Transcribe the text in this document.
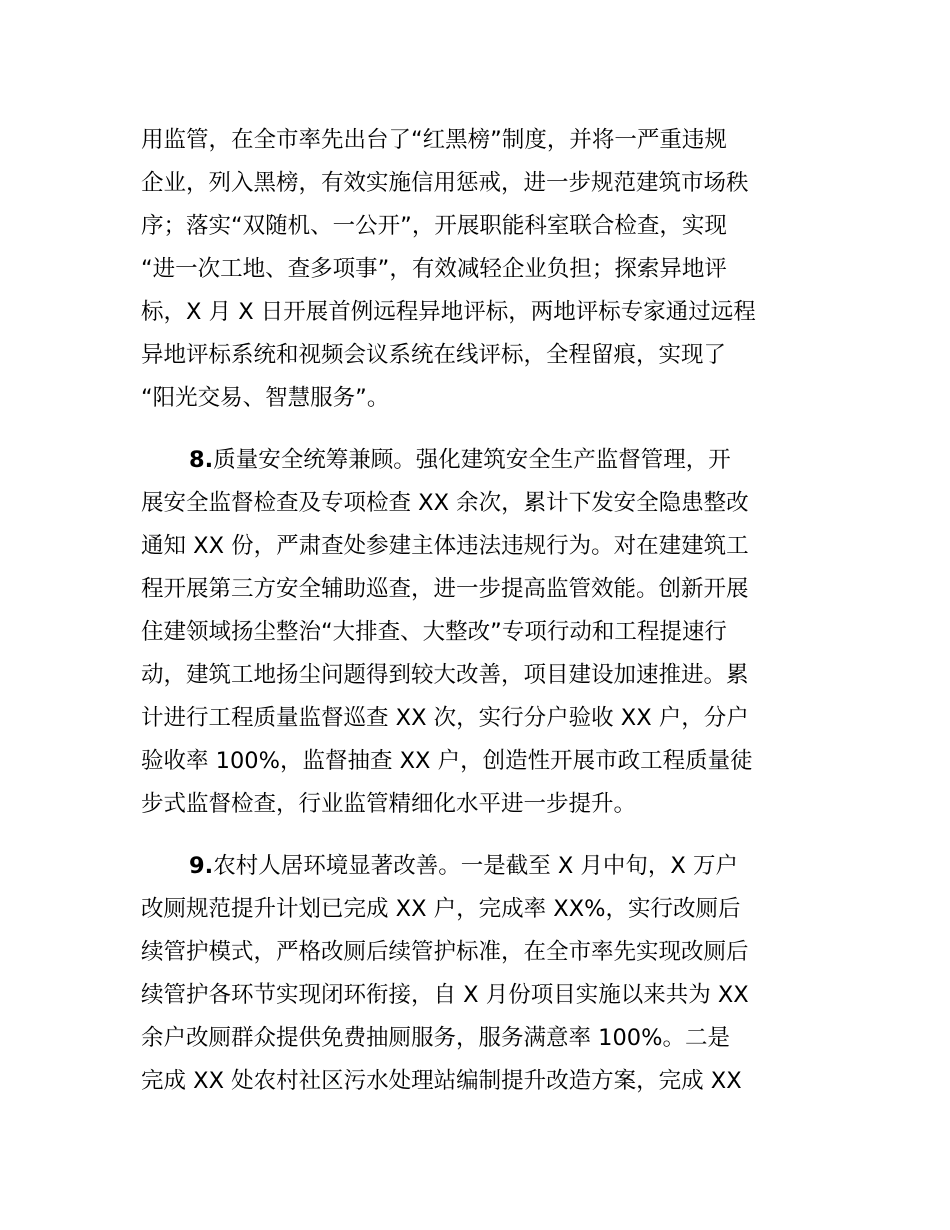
用监管，在全市率先出台了“红黑榜”制度，并将一严重违规
企业，列入黑榜，有效实施信用惩戒，进一步规范建筑市场秩
序；落实“双随机、一公开”，开展职能科室联合检查，实现
“进一次工地、查多项事”，有效减轻企业负担；探索异地评
标，X 月 X 日开展首例远程异地评标，两地评标专家通过远程
异地评标系统和视频会议系统在线评标，全程留痕，实现了
“阳光交易、智慧服务”。
8.质量安全统筹兼顾。强化建筑安全生产监督管理，开
展安全监督检查及专项检查 XX 余次，累计下发安全隐患整改
通知 XX 份，严肃查处参建主体违法违规行为。对在建建筑工
程开展第三方安全辅助巡查，进一步提高监管效能。创新开展
住建领域扬尘整治“大排查、大整改”专项行动和工程提速行
动，建筑工地扬尘问题得到较大改善，项目建设加速推进。累
计进行工程质量监督巡查 XX 次，实行分户验收 XX 户，分户
验收率 100%，监督抽查 XX 户，创造性开展市政工程质量徒
步式监督检查，行业监管精细化水平进一步提升。
9.农村人居环境显著改善。一是截至 X 月中旬，X 万户
改厕规范提升计划已完成 XX 户，完成率 XX%，实行改厕后
续管护模式，严格改厕后续管护标准，在全市率先实现改厕后
续管护各环节实现闭环衔接，自 X 月份项目实施以来共为 XX
余户改厕群众提供免费抽厕服务，服务满意率 100%。二是
完成 XX 处农村社区污水处理站编制提升改造方案，完成 XX
